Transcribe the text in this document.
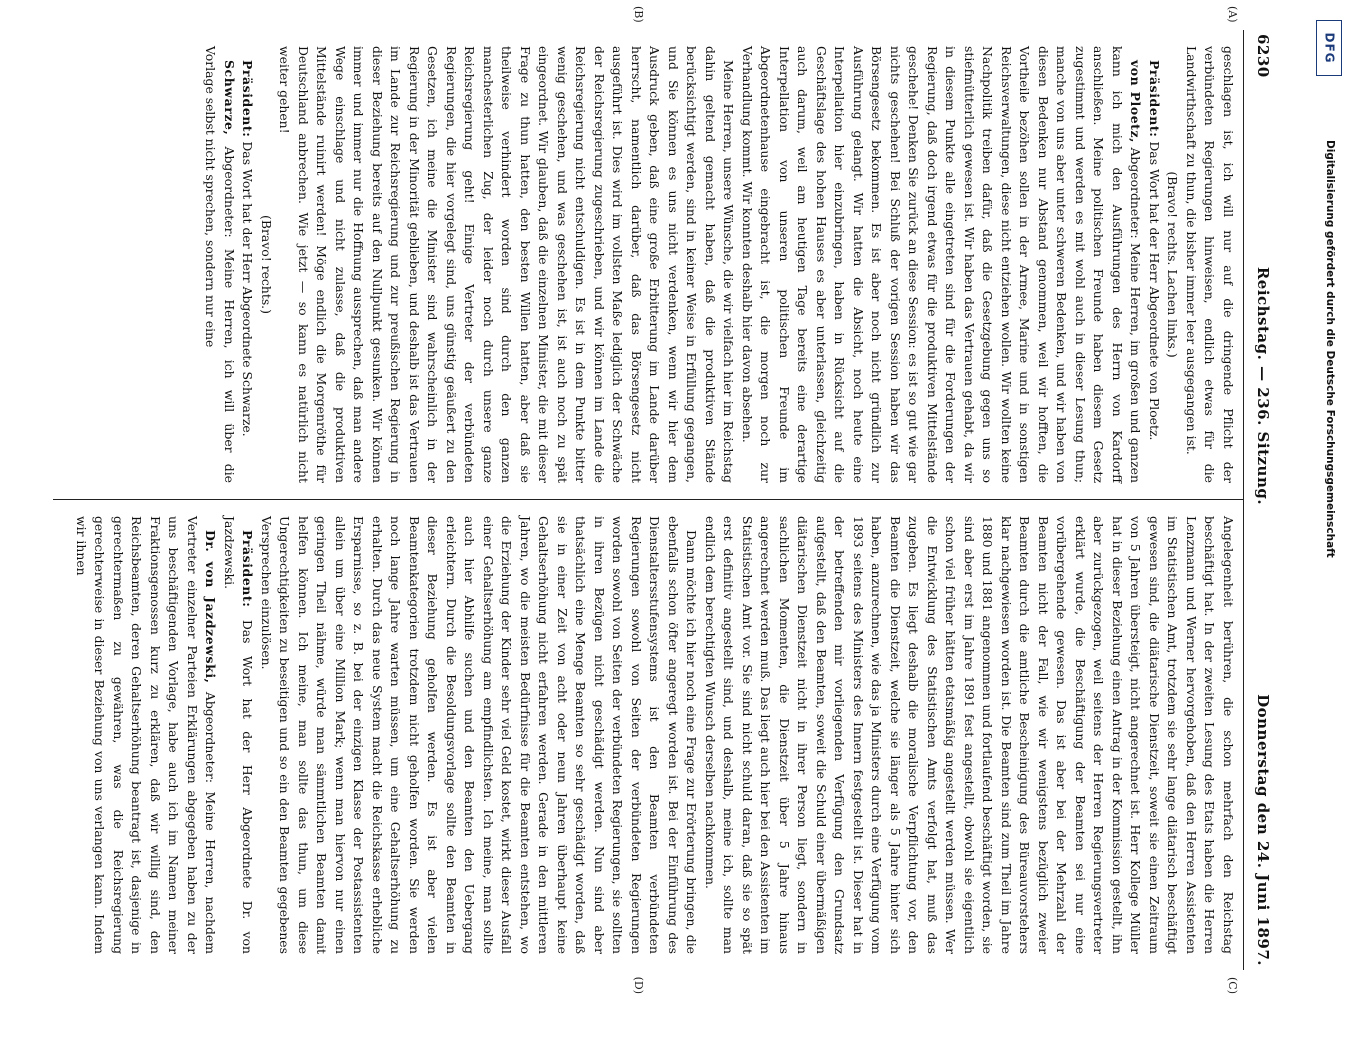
6230
Reichstag. — 236. Sitzung.
Donnerstag den 24. Juni 1897.
(A)
(B)
(C)
(D)

geschlagen ist, ich will nur auf die dringende Pflicht der verbündeten Regierungen hinweisen, endlich etwas für die Landwirthschaft zu thun, die bisher immer leer ausgegangen ist.

(Bravo! rechts. Lachen links.)

Präsident: Das Wort hat der Herr Abgeordnete von Ploetz.

von Ploetz, Abgeordneter: Meine Herren, im großen und ganzen kann ich mich den Ausführungen des Herrn von Kardorff anschließen. Meine politischen Freunde haben diesem Gesetz zugestimmt und werden es mit wohl auch in dieser Lesung thun; manche von uns aber unter schweren Bedenken, und wir haben von diesen Bedenken nur Abstand genommen, weil wir hofften, die Vortheile bezöhen sollen in der Armee, Marine und in sonstigen Reichsverwaltungen, diese nicht entziehen wollen. Wir wollten keine Nachpolitik treiben dafür, daß die Gesetzgebung gegen uns so stiefmütterlich gewesen ist. Wir haben das Vertrauen gehabt, da wir in diesem Punkte alle eingetreten sind für die Forderungen der Regierung, daß doch irgend etwas für die produktiven Mittelstände geschehe! Denken Sie zurück an diese Session: es ist so gut wie gar nichts geschehen! Bei Schluß der vorigen Session haben wir das Börsengesetz bekommen. Es ist aber noch nicht gründlich zur Ausführung gelangt. Wir hatten die Absicht, noch heute eine Interpellation hier einzubringen, haben in Rücksicht auf die Geschäftslage des hohen Hauses es aber unterlassen, gleichzeitig auch darum, weil am heutigen Tage bereits eine derartige Interpellation von unseren politischen Freunde im Abgeordnetenhause eingebracht ist, die morgen noch zur Verhandlung kommt. Wir konnten deshalb hier davon absehen.

Meine Herren, unsere Wünsche, die wir vielfach hier im Reichstag dahin geltend gemacht haben, daß die produktiven Stände berücksichtigt werden, sind in keiner Weise in Erfüllung gegangen, und Sie können es uns nicht verdenken, wenn wir hier dem Ausdruck geben, daß eine große Erbitterung im Lande darüber herrscht, namentlich darüber, daß das Börsengesetz nicht ausgeführt ist. Dies wird im vollsten Maße lediglich der Schwäche der Reichsregierung zugeschrieben, und wir können im Lande die Reichsregierung nicht entschuldigen. Es ist in dem Punkte bitter wenig geschehen, und was geschehen ist, ist auch noch zu spät eingeordnet. Wir glauben, daß die einzelnen Minister, die mit dieser Frage zu thun hatten, den besten Willen hatten, aber daß sie theilweise verhindert worden sind durch den ganzen manchesterlichen Zug, der leider noch durch unsere ganze Reichsregierung geht! Einige Vertreter der verbündeten Regierungen, die hier vorgelegt sind, uns günstig geäußert zu den Gesetzen, ich meine die Minister sind wahrscheinlich in der Regierung in der Minorität geblieben, und deshalb ist das Vertrauen im Lande zur Reichsregierung und zur preußischen Regierung in dieser Beziehung bereits auf den Nullpunkt gesunken. Wir können immer und immer nur die Hoffnung aussprechen, daß man andere Wege einschlage und nicht zulasse, daß die produktiven Mittelstände ruinirt werden! Möge endlich die Morgenröthe für Deutschland anbrechen. Wie jetzt — so kann es natürlich nicht weiter gehen!

(Bravo! rechts.)

Präsident: Das Wort hat der Herr Abgeordnete Schwarze.

Schwarze, Abgeordneter: Meine Herren, ich will über die Vorlage selbst nicht sprechen, sondern nur eine

Angelegenheit berühren, die schon mehrfach den Reichstag beschäftigt hat. In der zweiten Lesung des Etats haben die Herren Lenzmann und Werner hervorgehoben, daß den Herren Assistenten im Statistischen Amt, trotzdem sie sehr lange diätarisch beschäftigt gewesen sind, die diätarische Dienstzeit, soweit sie einen Zeitraum von 5 Jahren übersteigt, nicht angerechnet ist. Herr Kollege Müller hat in dieser Beziehung einen Antrag in der Kommission gestellt, ihn aber zurückgezogen, weil seitens der Herren Regierungsvertreter erklärt wurde, die Beschäftigung der Beamten sei nur eine vorübergehende gewesen. Das ist aber bei der Mehrzahl der Beamten nicht der Fall, wie wir wenigstens bezüglich zweier Beamten durch die amtliche Bescheinigung des Büreauvorstehers klar nachgewiesen worden ist. Die Beamten sind zum Theil im Jahre 1880 und 1881 angenommen und fortlaufend beschäftigt worden, sie sind aber erst im Jahre 1891 fest angestellt, obwohl sie eigentlich schon viel früher hätten etatsmäßig angestellt werden müssen. Wer die Entwicklung des Statistischen Amts verfolgt hat, muß das zugeben. Es liegt deshalb die moralische Verpflichtung vor, den Beamten die Dienstzeit, welche sie länger als 5 Jahre hinter sich haben, anzurechnen, wie das ja Ministers durch eine Verfügung vom 1893 seitens des Ministers des Innern festgestellt ist. Dieser hat in der betreffenden mir vorliegenden Verfügung den Grundsatz aufgestellt, daß den Beamten, soweit die Schuld einer übermäßigen diätarischen Dienstzeit nicht in ihrer Person liegt, sondern in sachlichen Momenten, die Dienstzeit über 5 Jahre hinaus angerechnet werden muß. Das liegt auch hier bei den Assistenten im Statistischen Amt vor. Sie sind nicht schuld daran, daß sie so spät erst definitiv angestellt sind, und deshalb, meine ich, sollte man endlich dem berechtigten Wunsch derselben nachkommen.

Dann möchte ich hier noch eine Frage zur Erörterung bringen, die ebenfalls schon öfter angeregt worden ist. Bei der Einführung des Dienstaltersstufensystems ist den Beamten verbündeten Regierungen sowohl von Seiten der verbündeten Regierungen worden sowohl von Seiten der verbündeten Regierungen, sie sollten in ihren Bezügen nicht geschädigt werden. Nun sind aber thatsächlich eine Menge Beamten so sehr geschädigt worden, daß sie in einer Zeit von acht oder neun Jahren überhaupt keine Gehaltserhöhung nicht erfahren werden. Gerade in den mittleren Jahren, wo die meisten Bedürfnisse für die Beamten entstehen, wo die Erziehung der Kinder sehr viel Geld kostet, wirkt dieser Ausfall einer Gehaltserhöhung am empfindlichsten. Ich meine, man sollte auch hier Abhilfe suchen und den Beamten den Uebergang erleichtern. Durch die Besoldungsvorlage sollte den Beamten in dieser Beziehung geholfen werden. Es ist aber vielen Beamtenkategorien trotzdem nicht geholfen worden. Sie werden noch lange Jahre warten müssen, um eine Gehaltserhöhung zu erhalten. Durch das neue System macht die Reichskasse erhebliche Ersparnisse, so z. B. bei der einzigen Klasse der Postassistenten allein um über eine Million Mark; wenn man hiervon nur einen geringen Theil nähme, würde man sämmtlichen Beamten damit helfen können. Ich meine, man sollte das thun, um diese Ungerechtigkeiten zu beseitigen und so ein den Beamten gegebenes Versprechen einzulösen.

Präsident: Das Wort hat der Herr Abgeordnete Dr. von Jazdzewski.

Dr. von Jazdzewski, Abgeordneter: Meine Herren, nachdem Vertreter einzelner Parteien Erklärungen abgegeben haben zu der uns beschäftigenden Vorlage, habe auch ich im Namen meiner Fraktionsgenossen kurz zu erklären, daß wir willig sind, den Reichsbeamten, deren Gehaltserhöhung beantragt ist, dasjenige in gerechtermaßen zu gewähren, was die Reichsregierung gerechterweise in dieser Beziehung von uns verlangen kann. Indem wir ihnen

DFG
Digitalisierung gefördert durch die Deutsche Forschungsgemeinschaft
